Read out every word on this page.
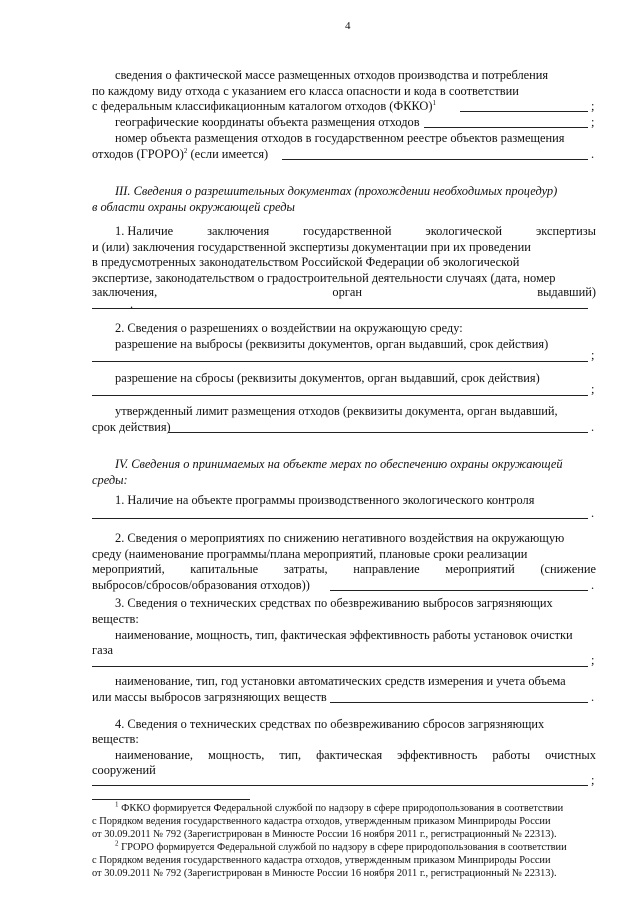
4
сведения о фактической массе размещенных отходов производства и потребления
по каждому виду отхода с указанием его класса опасности и кода в соответствии
с федеральным классификационным каталогом отходов (ФККО)$^1$	;
географические координаты объекта размещения отходов	;
номер объекта размещения отходов в государственном реестре объектов размещения
отходов (ГРОРО)$^2$ (если имеется)	.
III. Сведения о разрешительных документах (прохождении необходимых процедур)
в области охраны окружающей среды
1. Наличие	заключения	государственной	экологической	экспертизы
и (или) заключения государственной экспертизы документации при их проведении
в предусмотренных законодательством Российской Федерации об экологической
экспертизе, законодательством о градостроительной деятельности случаях (дата, номер
заключения,	орган	выдавший)
.
2. Сведения о разрешениях о воздействии на окружающую среду:
разрешение на выбросы (реквизиты документов, орган выдавший, срок действия)
;
разрешение на сбросы (реквизиты документов, орган выдавший, срок действия)
;
утвержденный лимит размещения отходов (реквизиты документа, орган выдавший,
срок действия)	.
IV. Сведения о принимаемых на объекте мерах по обеспечению охраны окружающей
среды:
1. Наличие на объекте программы производственного экологического контроля
.
2. Сведения о мероприятиях по снижению негативного воздействия на окружающую
среду (наименование программы/плана мероприятий, плановые сроки реализации
мероприятий, капитальные затраты, направление мероприятий (снижение
выбросов/сбросов/образования отходов))	.
3. Сведения о технических средствах по обезвреживанию выбросов загрязняющих
веществ:
наименование, мощность, тип, фактическая эффективность работы установок очистки
газа
;
наименование, тип, год установки автоматических средств измерения и учета объема
или массы выбросов загрязняющих веществ	.
4. Сведения о технических средствах по обезвреживанию сбросов загрязняющих
веществ:
наименование, мощность, тип, фактическая эффективность работы очистных
сооружений
;
$^1$ ФККО формируется Федеральной службой по надзору в сфере природопользования в соответствии
с Порядком ведения государственного кадастра отходов, утвержденным приказом Минприроды России
от 30.09.2011 № 792 (Зарегистрирован в Минюсте России 16 ноября 2011 г., регистрационный № 22313).
$^2$ ГРОРО формируется Федеральной службой по надзору в сфере природопользования в соответствии
с Порядком ведения государственного кадастра отходов, утвержденным приказом Минприроды России
от 30.09.2011 № 792 (Зарегистрирован в Минюсте России 16 ноября 2011 г., регистрационный № 22313).
